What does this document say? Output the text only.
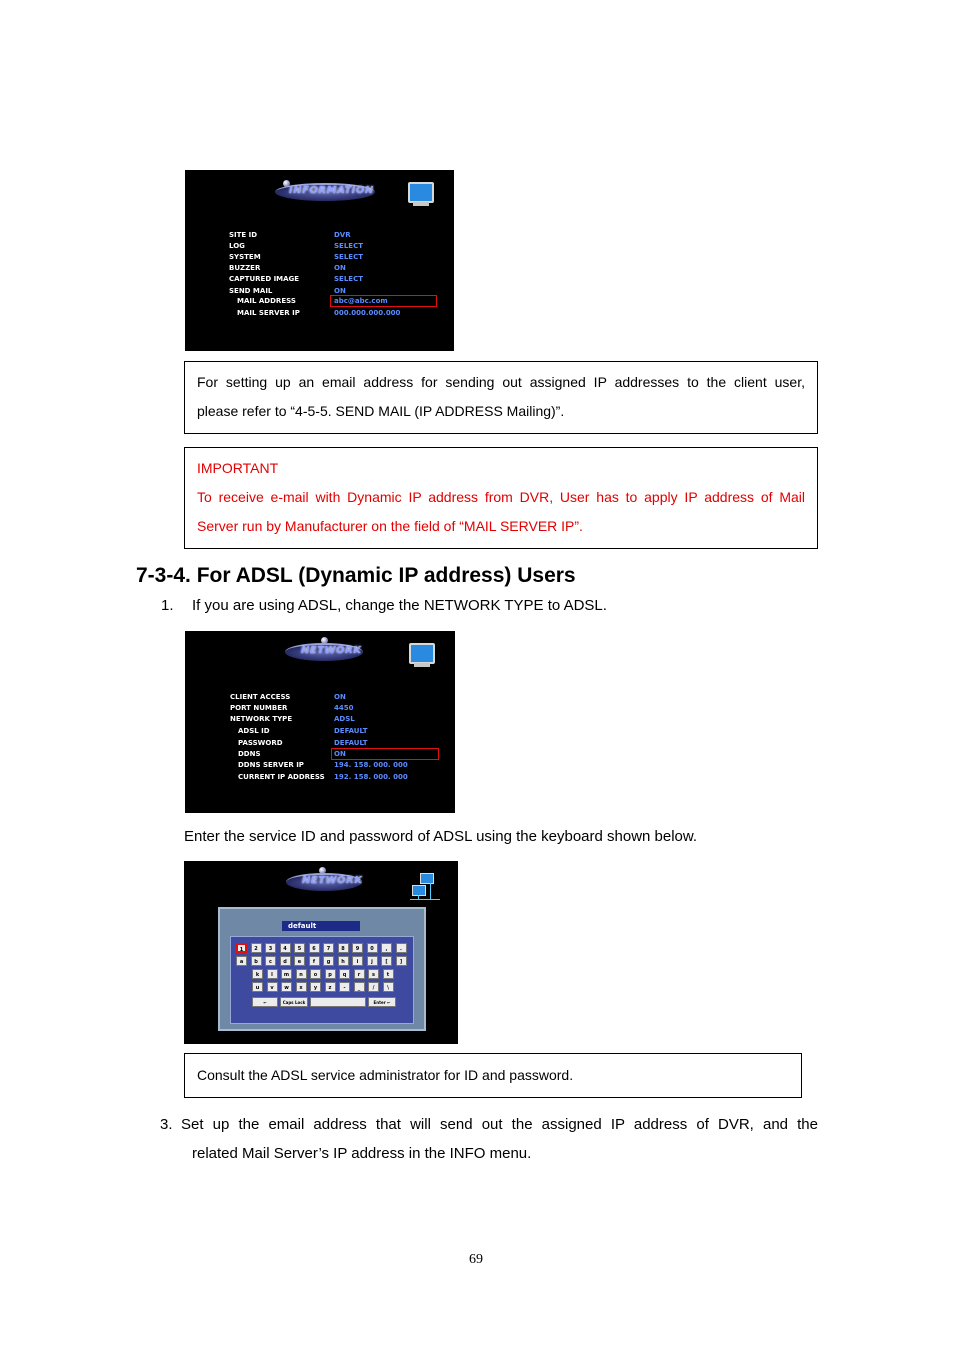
INFORMATION
SITE ID	DVR
LOG	SELECT
SYSTEM	SELECT
BUZZER	ON
CAPTURED IMAGE	SELECT
SEND MAIL	ON
MAIL ADDRESS	abc@abc.com
MAIL SERVER IP	000.000.000.000
For setting up an email address for sending out assigned IP addresses to the client user,
please refer to “4-5-5. SEND MAIL (IP ADDRESS Mailing)”.
IMPORTANT
To receive e-mail with Dynamic IP address from DVR, User has to apply IP address of Mail
Server run by Manufacturer on the field of “MAIL SERVER IP”.
7-3-4. For ADSL (Dynamic IP address) Users
1. If you are using ADSL, change the NETWORK TYPE to ADSL.
NETWORK
CLIENT ACCESS	ON
PORT NUMBER	4450
NETWORK TYPE	ADSL
ADSL ID	DEFAULT
PASSWORD	DEFAULT
DDNS	ON
DDNS SERVER IP	194. 158. 000. 000
CURRENT IP ADDRESS 192. 158. 000. 000
Enter the service ID and password of ADSL using the keyboard shown below.
NETWORK
default
1	2	3	4	5	6	7	8	9	0	,	.
a	b	c	d	e	f	g	h	i	j	[	]
k	l	m	n	o	p	q	r	s	t
u	v	w	x	y	z	-	_	/	\
←	Caps Lock	Enter ←
Consult the ADSL service administrator for ID and password.
3. Set up the email address that will send out the assigned IP address of DVR, and the
related Mail Server’s IP address in the INFO menu.
69
